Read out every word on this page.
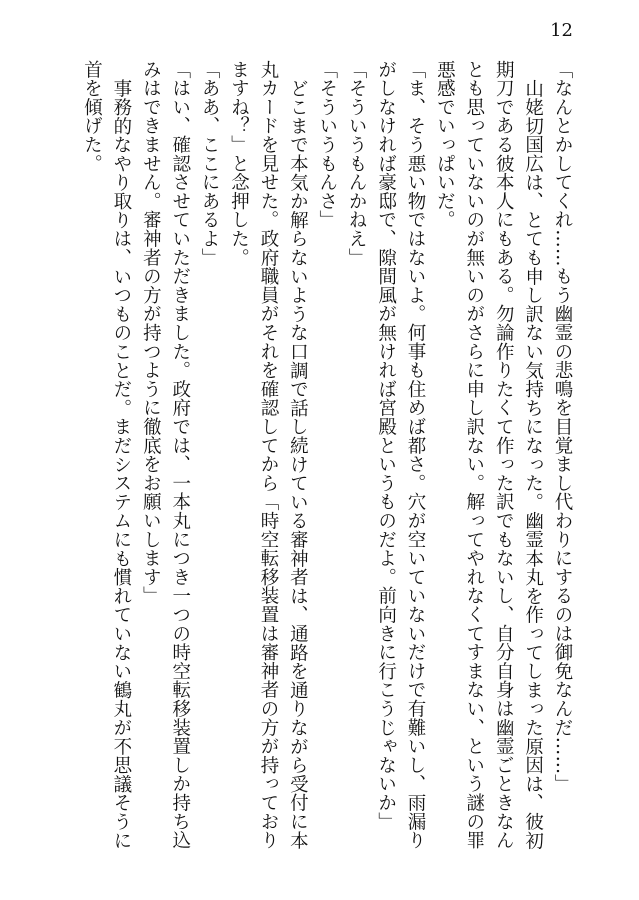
12

「なんとかしてくれ……もう幽霊の悲鳴を目覚まし代わりにするのは御免なんだ……」

山姥切国広は、とても申し訳ない気持ちになった。幽霊本丸を作ってしまった原因は、彼初期刀である彼本人にもある。勿論作りたくて作った訳でもないし、自分自身は幽霊ごときなんとも思っていないのが無いのがさらに申し訳ない。解ってやれなくてすまない、という謎の罪悪感でいっぱいだ。

「ま、そう悪い物ではないよ。何事も住めば都さ。穴が空いていないだけで有難いし、雨漏りがしなければ豪邸で、隙間風が無ければ宮殿というものだよ。前向きに行こうじゃないか」

「そういうもんかねえ」

「そういうもんさ」

どこまで本気か解らないような口調で話し続けている審神者は、通路を通りながら受付に本丸カードを見せた。政府職員がそれを確認してから「時空転移装置は審神者の方が持っておりますね？」と念押した。

「ああ、ここにあるよ」

「はい、確認させていただきました。政府では、一本丸につき一つの時空転移装置しか持ち込みはできません。審神者の方が持つように徹底をお願いします」

事務的なやり取りは、いつものことだ。まだシステムにも慣れていない鶴丸が不思議そうに首を傾げた。
